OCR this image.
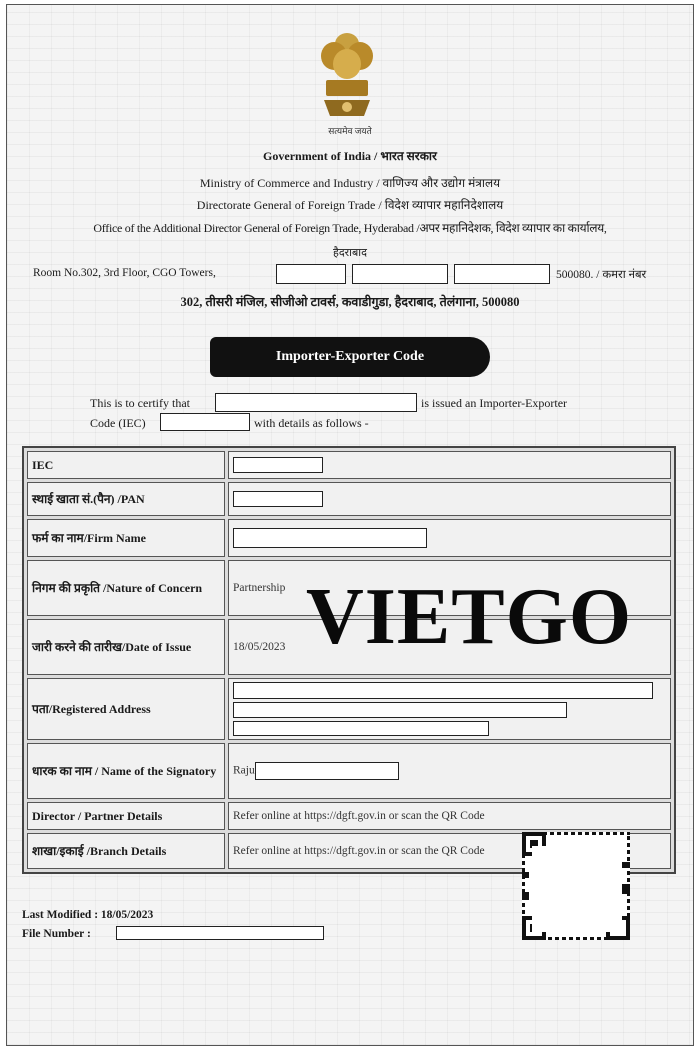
सत्यमेव जयते
Government of India / भारत सरकार
Ministry of Commerce and Industry / वाणिज्य और उद्योग मंत्रालय
Directorate General of Foreign Trade / विदेश व्यापार महानिदेशालय
Office of the Additional Director General of Foreign Trade, Hyderabad /अपर महानिदेशक, विदेश व्यापार का कार्यालय,
हैदराबाद
Room No.302, 3rd Floor, CGO Towers,	500080. / कमरा नंबर
302, तीसरी मंजिल, सीजीओ टावर्स, कवाडीगुडा, हैदराबाद, तेलंगाना, 500080
Importer-Exporter Code
This is to certify that	is issued an Importer-Exporter
Code (IEC)	with details as follows -
IEC	
स्थाई खाता सं.(पैन) /PAN	
फर्म का नाम/Firm Name	
निगम की प्रकृति /Nature of Concern	Partnership
जारी करने की तारीख/Date of Issue	18/05/2023
पता/Registered Address	

धारक का नाम / Name of the Signatory	Raju
Director / Partner Details	Refer online at https://dgft.gov.in or scan the QR Code
शाखा/इकाई /Branch Details	Refer online at https://dgft.gov.in or scan the QR Code
VIETGO
Last Modified : 18/05/2023
File Number :
